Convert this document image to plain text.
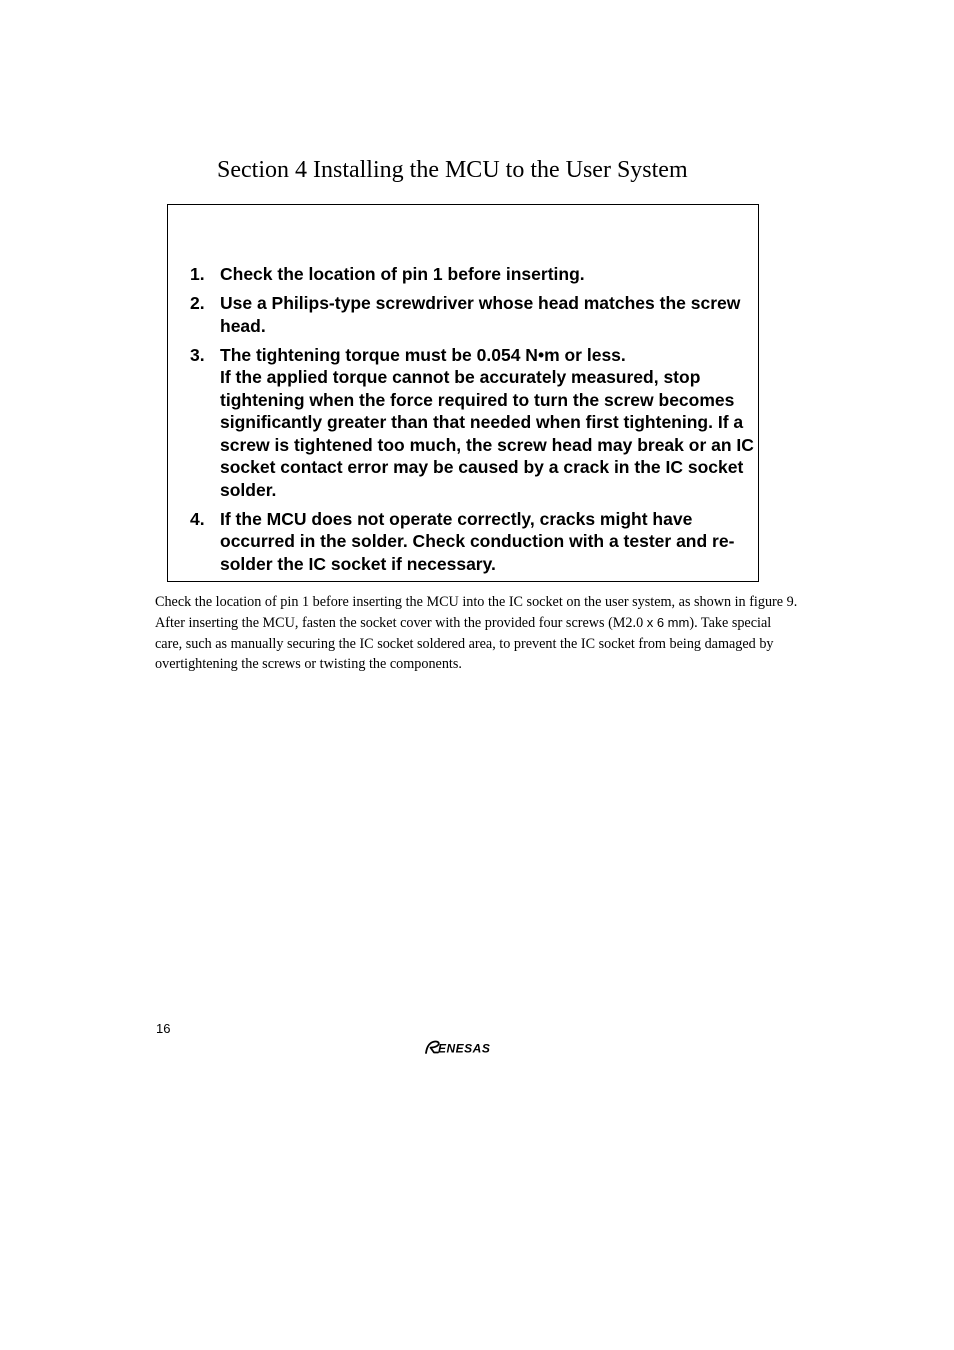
Section 4 Installing the MCU to the User System
1. Check the location of pin 1 before inserting.
2. Use a Philips-type screwdriver whose head matches the screw head.
3. The tightening torque must be 0.054 N•m or less.
If the applied torque cannot be accurately measured, stop tightening when the force required to turn the screw becomes significantly greater than that needed when first tightening. If a screw is tightened too much, the screw head may break or an IC socket contact error may be caused by a crack in the IC socket solder.
4. If the MCU does not operate correctly, cracks might have occurred in the solder. Check conduction with a tester and re-solder the IC socket if necessary.

Check the location of pin 1 before inserting the MCU into the IC socket on the user system, as shown in figure 9. After inserting the MCU, fasten the socket cover with the provided four screws (M2.0 x 6 mm). Take special care, such as manually securing the IC socket soldered area, to prevent the IC socket from being damaged by overtightening the screws or twisting the components.

16
ENESAS
